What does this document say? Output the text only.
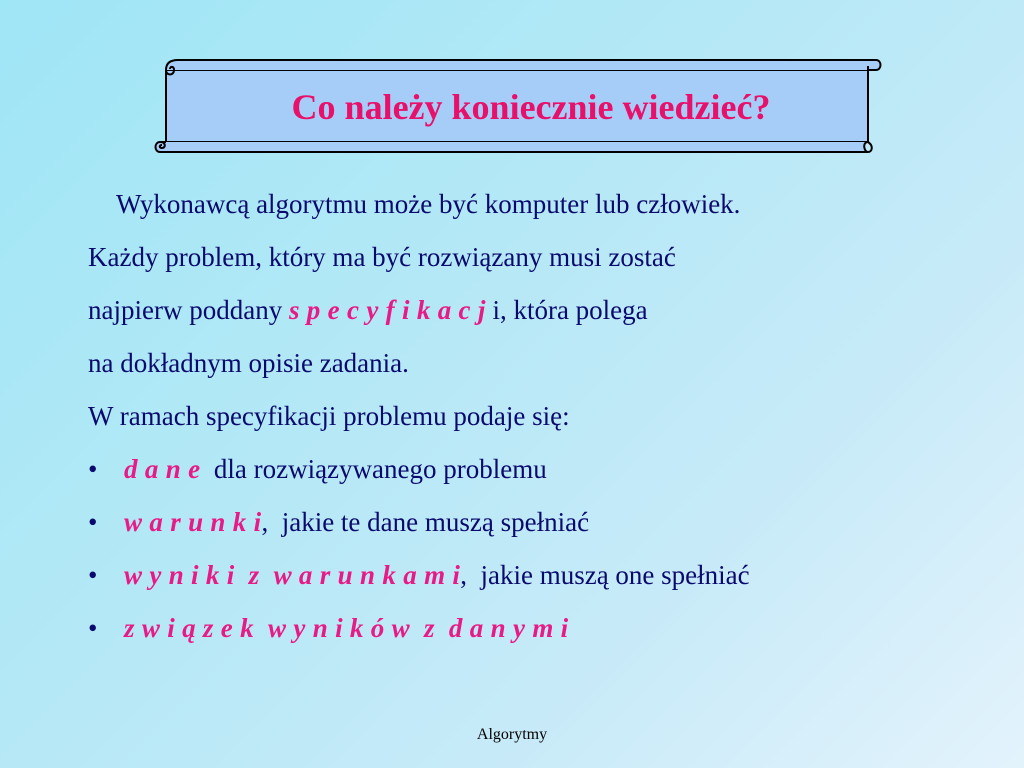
Co należy koniecznie wiedzieć?
Wykonawcą algorytmu może być komputer lub człowiek.
Każdy problem, który ma być rozwiązany musi zostać
najpierw poddany s p e c y f i k a c j i, która polega
na dokładnym opisie zadania.
W ramach specyfikacji problemu podaje się:
• d a n e  dla rozwiązywanego problemu
• w a r u n k i,  jakie te dane muszą spełniać
• w y n i k i  z  w a r u n k a m i,  jakie muszą one spełniać
• z w i ą z e k  w y n i k ó w  z  d a n y m i
Algorytmy
